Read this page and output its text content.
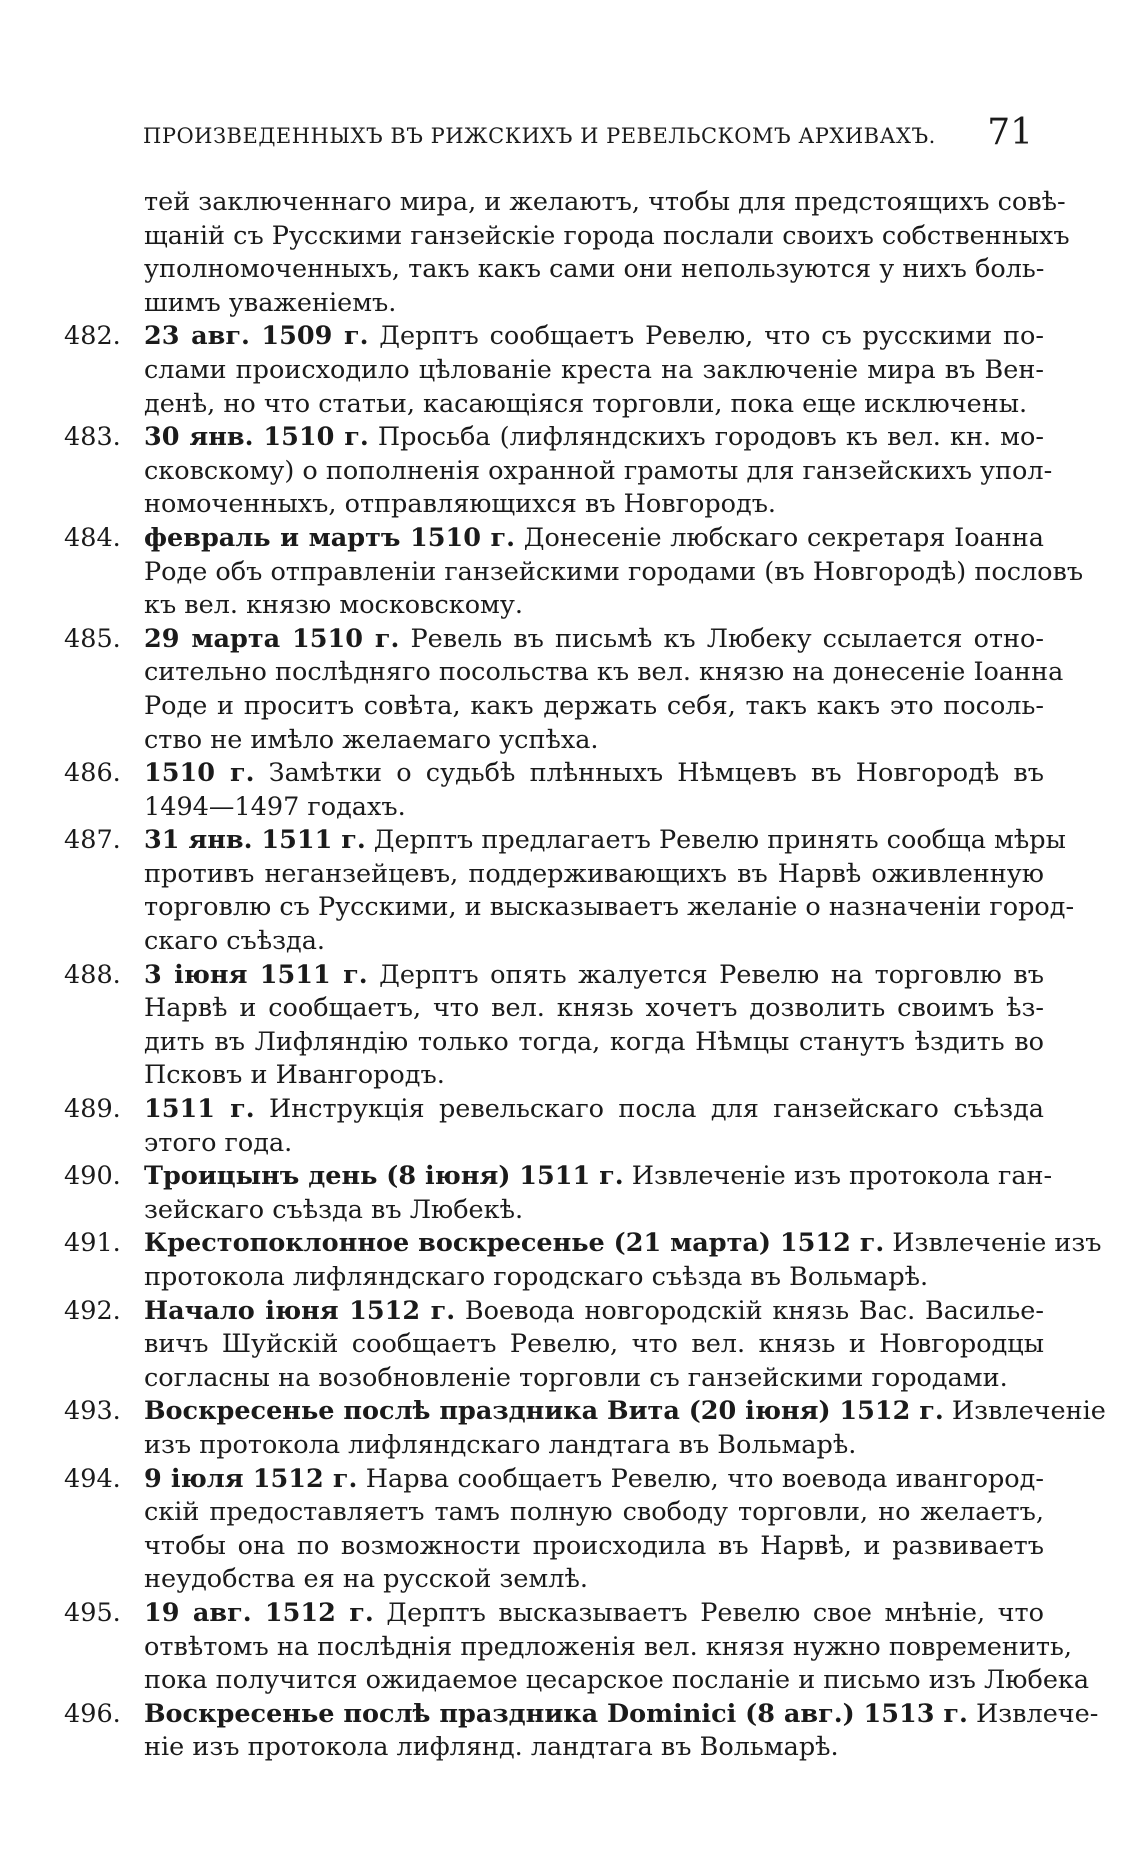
ПРОИЗВЕДЕННЫХЪ ВЪ РИЖСКИХЪ И РЕВЕЛЬСКОМЪ АРХИВАХЪ. 71
тей заключеннаго мира, и желаютъ, чтобы для предстоящихъ совѣ-
щаній съ Русскими ганзейскіе города послали своихъ собственныхъ
уполномоченныхъ, такъ какъ сами они непользуются у нихъ боль-
шимъ уваженіемъ.
482. 23 авг. 1509 г. Дерптъ сообщаетъ Ревелю, что съ русскими по-
слами происходило цѣлованіе креста на заключеніе мира въ Вен-
денѣ, но что статьи, касающіяся торговли, пока еще исключены.
483. 30 янв. 1510 г. Просьба (лифляндскихъ городовъ къ вел. кн. мо-
сковскому) о пополненія охранной грамоты для ганзейскихъ упол-
номоченныхъ, отправляющихся въ Новгородъ.
484. февраль и мартъ 1510 г. Донесеніе любскаго секретаря Іоанна
Роде объ отправленіи ганзейскими городами (въ Новгородѣ) пословъ
къ вел. князю московскому.
485. 29 марта 1510 г. Ревель въ письмѣ къ Любеку ссылается отно-
сительно послѣдняго посольства къ вел. князю на донесеніе Іоанна
Роде и проситъ совѣта, какъ держать себя, такъ какъ это посоль-
ство не имѣло желаемаго успѣха.
486. 1510 г. Замѣтки о судьбѣ плѣнныхъ Нѣмцевъ въ Новгородѣ въ
1494—1497 годахъ.
487. 31 янв. 1511 г. Дерптъ предлагаетъ Ревелю принять сообща мѣры
противъ неганзейцевъ, поддерживающихъ въ Нарвѣ оживленную
торговлю съ Русскими, и высказываетъ желаніе о назначеніи город-
скаго съѣзда.
488. 3 іюня 1511 г. Дерптъ опять жалуется Ревелю на торговлю въ
Нарвѣ и сообщаетъ, что вел. князь хочетъ дозволить своимъ ѣз-
дить въ Лифляндію только тогда, когда Нѣмцы станутъ ѣздить во
Псковъ и Ивангородъ.
489. 1511 г. Инструкція ревельскаго посла для ганзейскаго съѣзда
этого года.
490. Троицынъ день (8 іюня) 1511 г. Извлеченіе изъ протокола ган-
зейскаго съѣзда въ Любекѣ.
491. Крестопоклонное воскресенье (21 марта) 1512 г. Извлеченіе изъ
протокола лифляндскаго городскаго съѣзда въ Вольмарѣ.
492. Начало іюня 1512 г. Воевода новгородскій князь Вас. Василье-
вичъ Шуйскій сообщаетъ Ревелю, что вел. князь и Новгородцы
согласны на возобновленіе торговли съ ганзейскими городами.
493. Воскресенье послѣ праздника Вита (20 іюня) 1512 г. Извлеченіе
изъ протокола лифляндскаго ландтага въ Вольмарѣ.
494. 9 іюля 1512 г. Нарва сообщаетъ Ревелю, что воевода ивангород-
скій предоставляетъ тамъ полную свободу торговли, но желаетъ,
чтобы она по возможности происходила въ Нарвѣ, и развиваетъ
неудобства ея на русской землѣ.
495. 19 авг. 1512 г. Дерптъ высказываетъ Ревелю свое мнѣніе, что
отвѣтомъ на послѣднія предложенія вел. князя нужно повременить,
пока получится ожидаемое цесарское посланіе и письмо изъ Любека
496. Воскресенье послѣ праздника Dominici (8 авг.) 1513 г. Извлече-
ніе изъ протокола лифлянд. ландтага въ Вольмарѣ.
